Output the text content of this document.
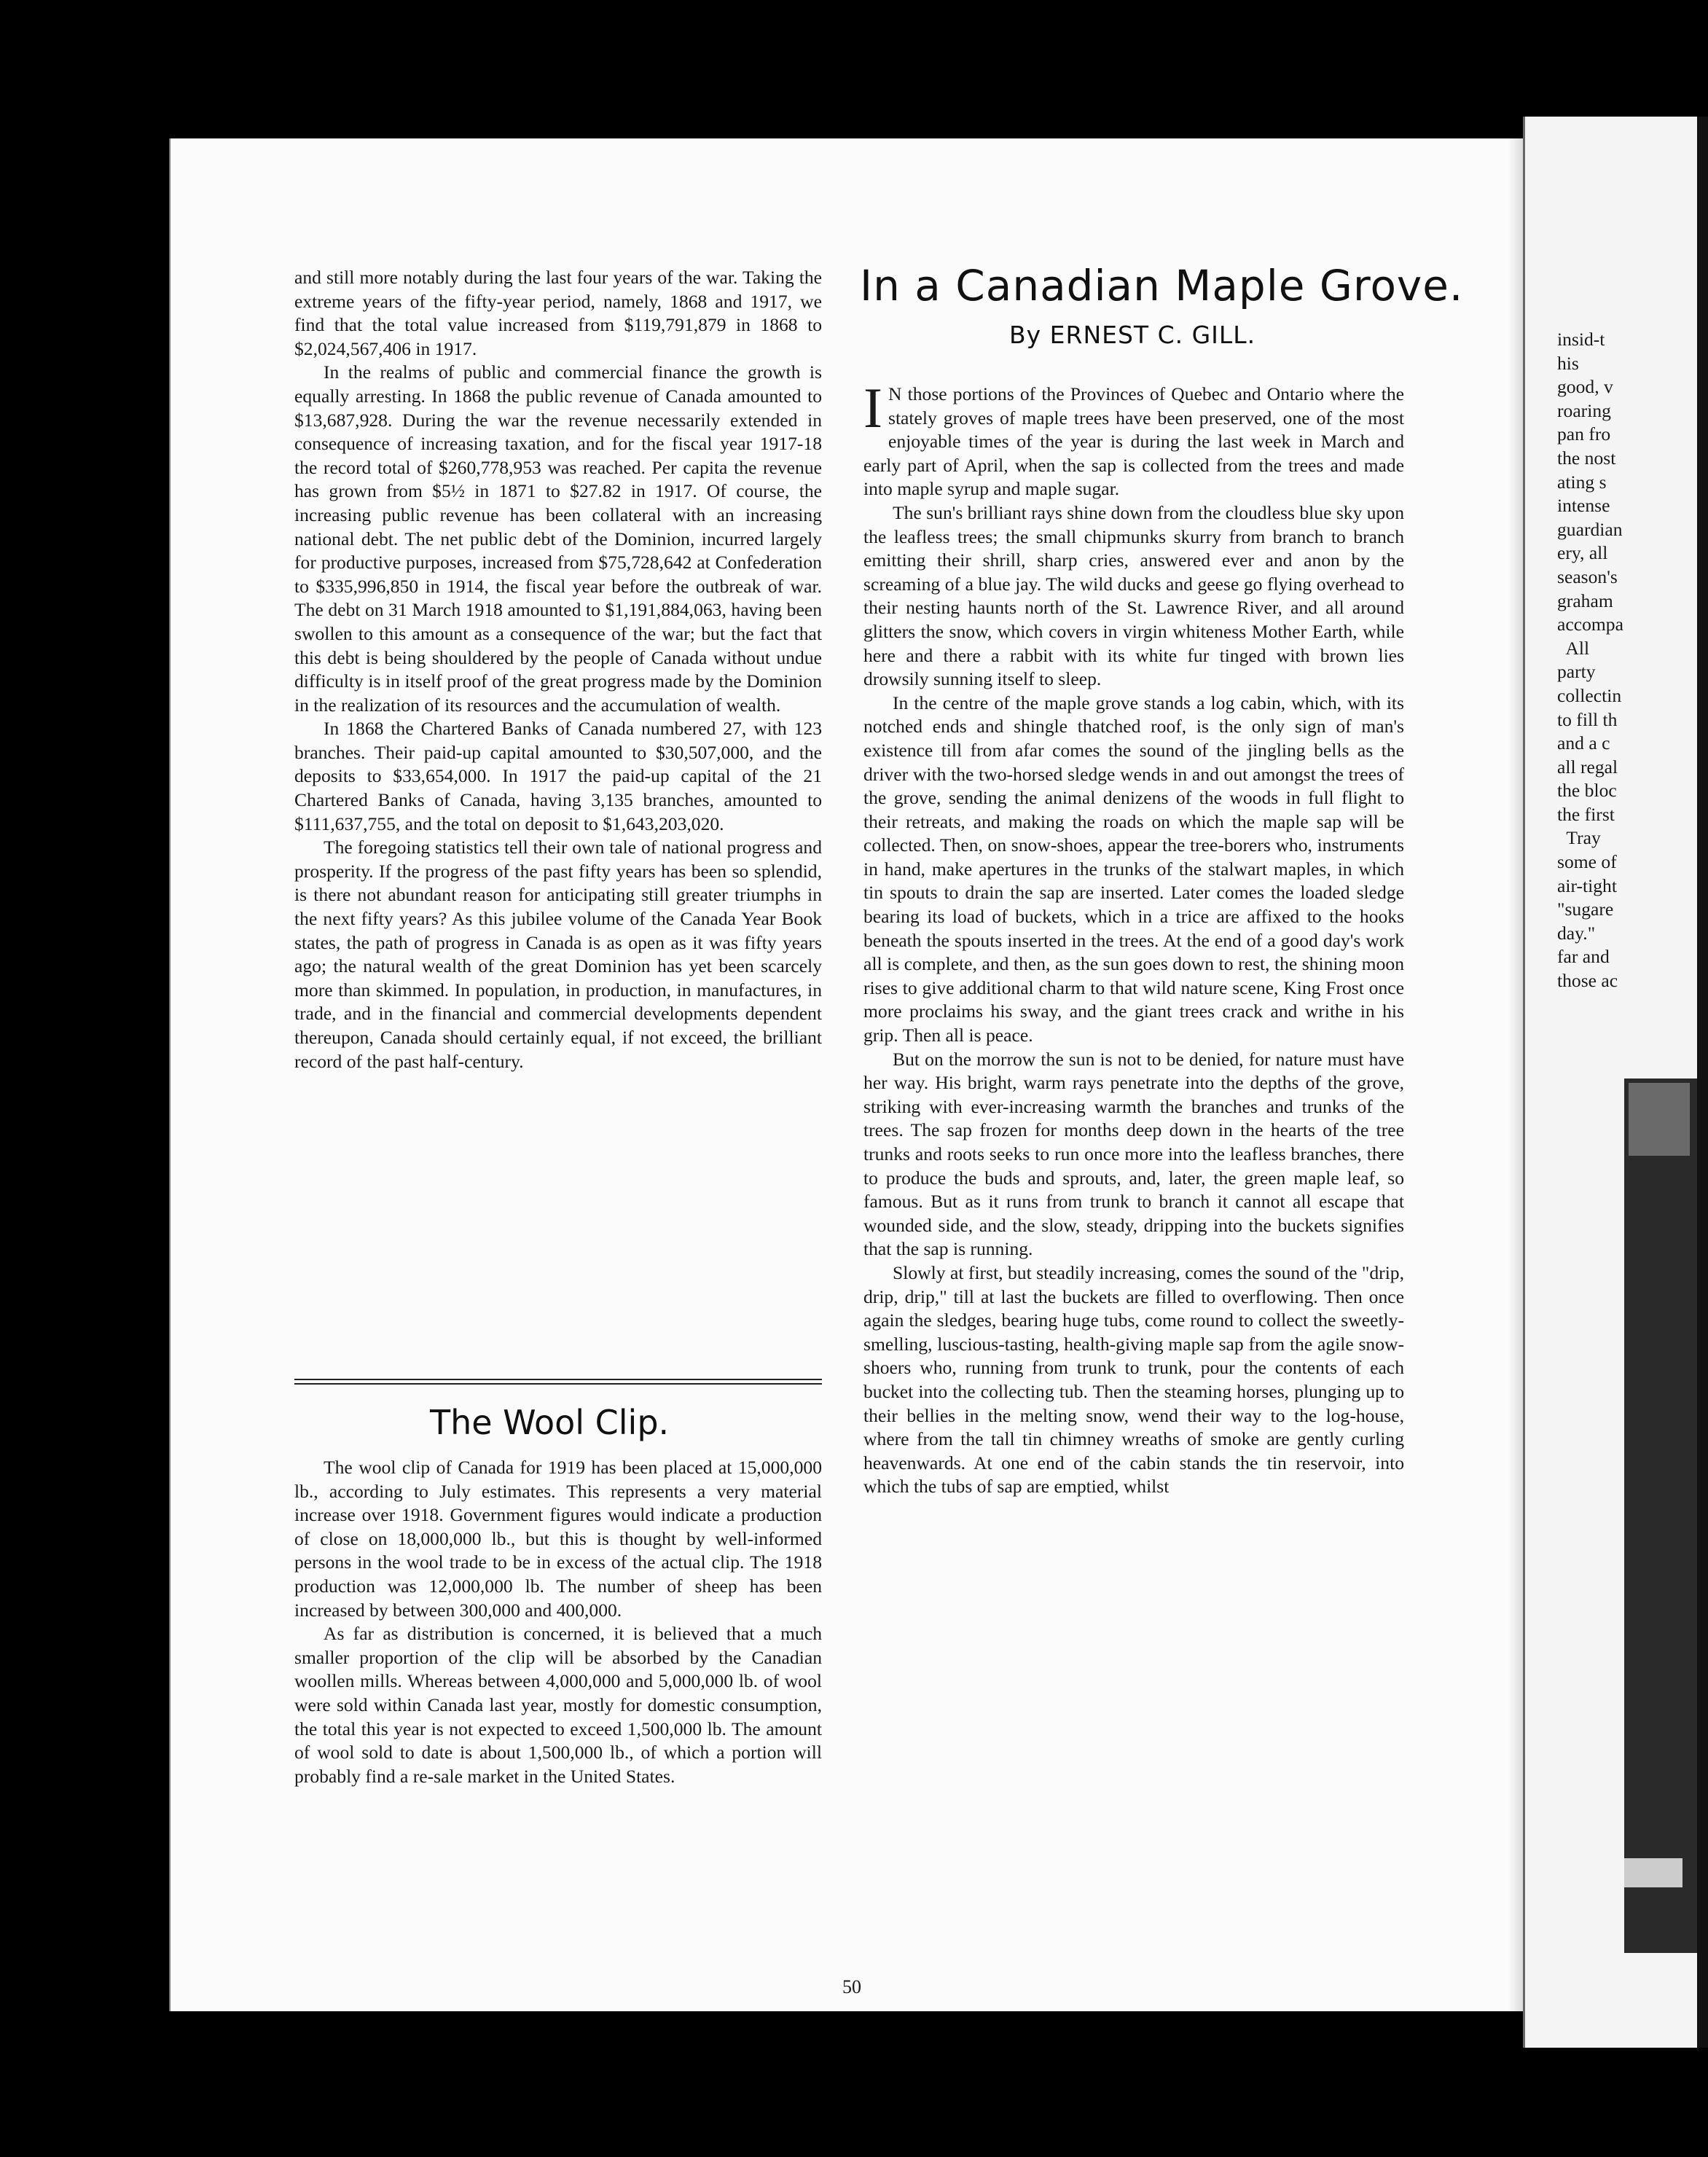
insid-t
his
good, v
roaring
pan fro
the nost
ating s
intense
guardian
ery, all
season's
graham
accompa
All
party
collectin
to fill th
and a c
all regal
the bloc
the first
Tray
some of
air-tight
"sugare
day."
far and
those ac

and still more notably during the last four years of the war. Taking the extreme years of the fifty-year period, namely, 1868 and 1917, we find that the total value increased from $119,791,879 in 1868 to $2,024,567,406 in 1917.

In the realms of public and commercial finance the growth is equally arresting. In 1868 the public revenue of Canada amounted to $13,687,928. During the war the revenue necessarily extended in consequence of increasing taxation, and for the fiscal year 1917-18 the record total of $260,778,953 was reached. Per capita the revenue has grown from $5½ in 1871 to $27.82 in 1917. Of course, the increasing public revenue has been collateral with an increasing national debt. The net public debt of the Dominion, incurred largely for productive purposes, increased from $75,728,642 at Confederation to $335,996,850 in 1914, the fiscal year before the outbreak of war. The debt on 31 March 1918 amounted to $1,191,884,063, having been swollen to this amount as a consequence of the war; but the fact that this debt is being shouldered by the people of Canada without undue difficulty is in itself proof of the great progress made by the Dominion in the realization of its resources and the accumulation of wealth.

In 1868 the Chartered Banks of Canada numbered 27, with 123 branches. Their paid-up capital amounted to $30,507,000, and the deposits to $33,654,000. In 1917 the paid-up capital of the 21 Chartered Banks of Canada, having 3,135 branches, amounted to $111,637,755, and the total on deposit to $1,643,203,020.

The foregoing statistics tell their own tale of national progress and prosperity. If the progress of the past fifty years has been so splendid, is there not abundant reason for anticipating still greater triumphs in the next fifty years? As this jubilee volume of the Canada Year Book states, the path of progress in Canada is as open as it was fifty years ago; the natural wealth of the great Dominion has yet been scarcely more than skimmed. In population, in production, in manufactures, in trade, and in the financial and commercial developments dependent thereupon, Canada should certainly equal, if not exceed, the brilliant record of the past half-century.

The Wool Clip.

The wool clip of Canada for 1919 has been placed at 15,000,000 lb., according to July estimates. This represents a very material increase over 1918. Government figures would indicate a production of close on 18,000,000 lb., but this is thought by well-informed persons in the wool trade to be in excess of the actual clip. The 1918 production was 12,000,000 lb. The number of sheep has been increased by between 300,000 and 400,000.

As far as distribution is concerned, it is believed that a much smaller proportion of the clip will be absorbed by the Canadian woollen mills. Whereas between 4,000,000 and 5,000,000 lb. of wool were sold within Canada last year, mostly for domestic consumption, the total this year is not expected to exceed 1,500,000 lb. The amount of wool sold to date is about 1,500,000 lb., of which a portion will probably find a re-sale market in the United States.

In a Canadian Maple Grove.
By ERNEST C. GILL.

I N those portions of the Provinces of Quebec and Ontario where the stately groves of maple trees have been preserved, one of the most enjoyable times of the year is during the last week in March and early part of April, when the sap is collected from the trees and made into maple syrup and maple sugar.

The sun's brilliant rays shine down from the cloudless blue sky upon the leafless trees; the small chipmunks skurry from branch to branch emitting their shrill, sharp cries, answered ever and anon by the screaming of a blue jay. The wild ducks and geese go flying overhead to their nesting haunts north of the St. Lawrence River, and all around glitters the snow, which covers in virgin whiteness Mother Earth, while here and there a rabbit with its white fur tinged with brown lies drowsily sunning itself to sleep.

In the centre of the maple grove stands a log cabin, which, with its notched ends and shingle thatched roof, is the only sign of man's existence till from afar comes the sound of the jingling bells as the driver with the two-horsed sledge wends in and out amongst the trees of the grove, sending the animal denizens of the woods in full flight to their retreats, and making the roads on which the maple sap will be collected. Then, on snow-shoes, appear the tree-borers who, instruments in hand, make apertures in the trunks of the stalwart maples, in which tin spouts to drain the sap are inserted. Later comes the loaded sledge bearing its load of buckets, which in a trice are affixed to the hooks beneath the spouts inserted in the trees. At the end of a good day's work all is complete, and then, as the sun goes down to rest, the shining moon rises to give additional charm to that wild nature scene, King Frost once more proclaims his sway, and the giant trees crack and writhe in his grip. Then all is peace.

But on the morrow the sun is not to be denied, for nature must have her way. His bright, warm rays penetrate into the depths of the grove, striking with ever-increasing warmth the branches and trunks of the trees. The sap frozen for months deep down in the hearts of the tree trunks and roots seeks to run once more into the leafless branches, there to produce the buds and sprouts, and, later, the green maple leaf, so famous. But as it runs from trunk to branch it cannot all escape that wounded side, and the slow, steady, dripping into the buckets signifies that the sap is running.

Slowly at first, but steadily increasing, comes the sound of the "drip, drip, drip," till at last the buckets are filled to overflowing. Then once again the sledges, bearing huge tubs, come round to collect the sweetly-smelling, luscious-tasting, health-giving maple sap from the agile snow-shoers who, running from trunk to trunk, pour the contents of each bucket into the collecting tub. Then the steaming horses, plunging up to their bellies in the melting snow, wend their way to the log-house, where from the tall tin chimney wreaths of smoke are gently curling heavenwards. At one end of the cabin stands the tin reservoir, into which the tubs of sap are emptied, whilst

50
